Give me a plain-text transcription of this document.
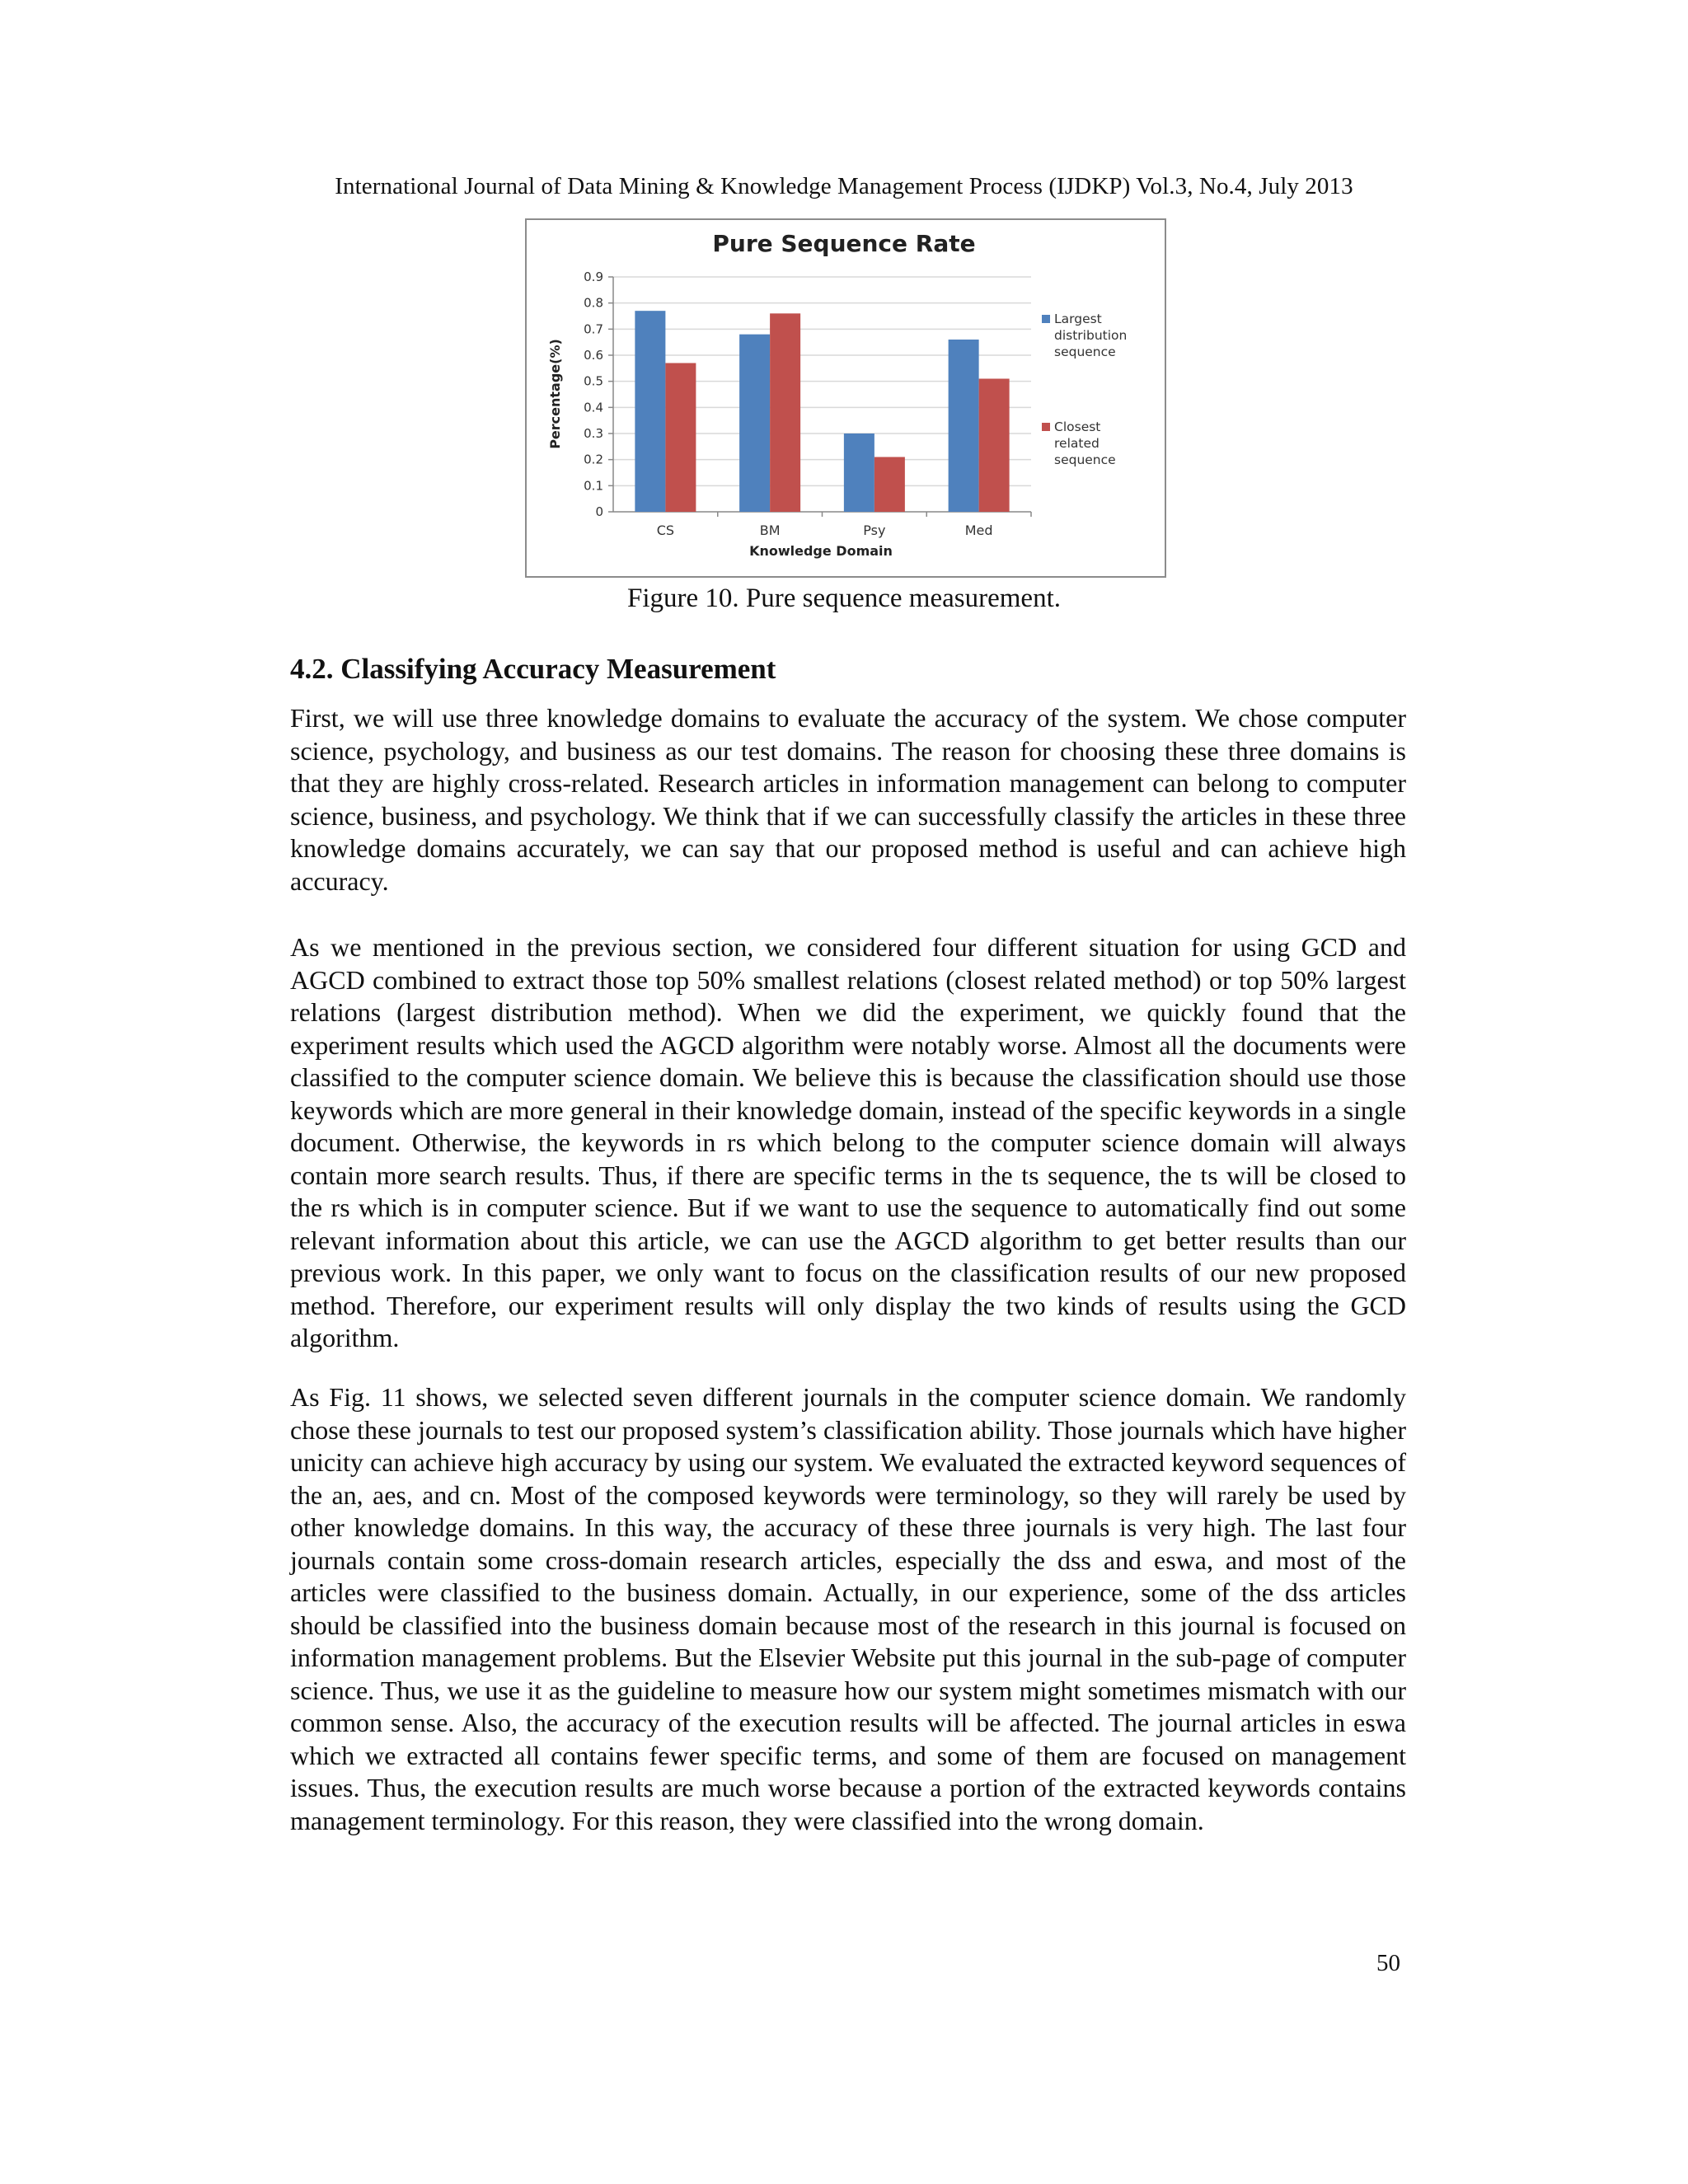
International Journal of Data Mining & Knowledge Management Process (IJDKP) Vol.3, No.4, July 2013
Pure Sequence Rate
0
0.1
0.2
0.3
0.4
0.5
0.6
0.7
0.8
0.9
CS	BM	Psy	Med
Knowledge Domain
Percentage(%)
Largest
distribution
sequence
Closest
related
sequence
Figure 10. Pure sequence measurement.
4.2. Classifying Accuracy Measurement

First, we will use three knowledge domains to evaluate the accuracy of the system. We chose computer science, psychology, and business as our test domains. The reason for choosing these three domains is that they are highly cross-related. Research articles in information management can belong to computer science, business, and psychology. We think that if we can successfully classify the articles in these three knowledge domains accurately, we can say that our proposed method is useful and can achieve high accuracy.

As we mentioned in the previous section, we considered four different situation for using GCD and AGCD combined to extract those top 50% smallest relations (closest related method) or top 50% largest relations (largest distribution method). When we did the experiment, we quickly found that the experiment results which used the AGCD algorithm were notably worse. Almost all the documents were classified to the computer science domain. We believe this is because the classification should use those keywords which are more general in their knowledge domain, instead of the specific keywords in a single document. Otherwise, the keywords in rs which belong to the computer science domain will always contain more search results. Thus, if there are specific terms in the ts sequence, the ts will be closed to the rs which is in computer science. But if we want to use the sequence to automatically find out some relevant information about this article, we can use the AGCD algorithm to get better results than our previous work. In this paper, we only want to focus on the classification results of our new proposed method. Therefore, our experiment results will only display the two kinds of results using the GCD algorithm.

As Fig. 11 shows, we selected seven different journals in the computer science domain. We randomly chose these journals to test our proposed system’s classification ability. Those journals which have higher unicity can achieve high accuracy by using our system. We evaluated the extracted keyword sequences of the an, aes, and cn. Most of the composed keywords were terminology, so they will rarely be used by other knowledge domains. In this way, the accuracy of these three journals is very high. The last four journals contain some cross-domain research articles, especially the dss and eswa, and most of the articles were classified to the business domain. Actually, in our experience, some of the dss articles should be classified into the business domain because most of the research in this journal is focused on information management problems. But the Elsevier Website put this journal in the sub-page of computer science. Thus, we use it as the guideline to measure how our system might sometimes mismatch with our common sense. Also, the accuracy of the execution results will be affected. The journal articles in eswa which we extracted all contains fewer specific terms, and some of them are focused on management issues. Thus, the execution results are much worse because a portion of the extracted keywords contains management terminology. For this reason, they were classified into the wrong domain.

50
